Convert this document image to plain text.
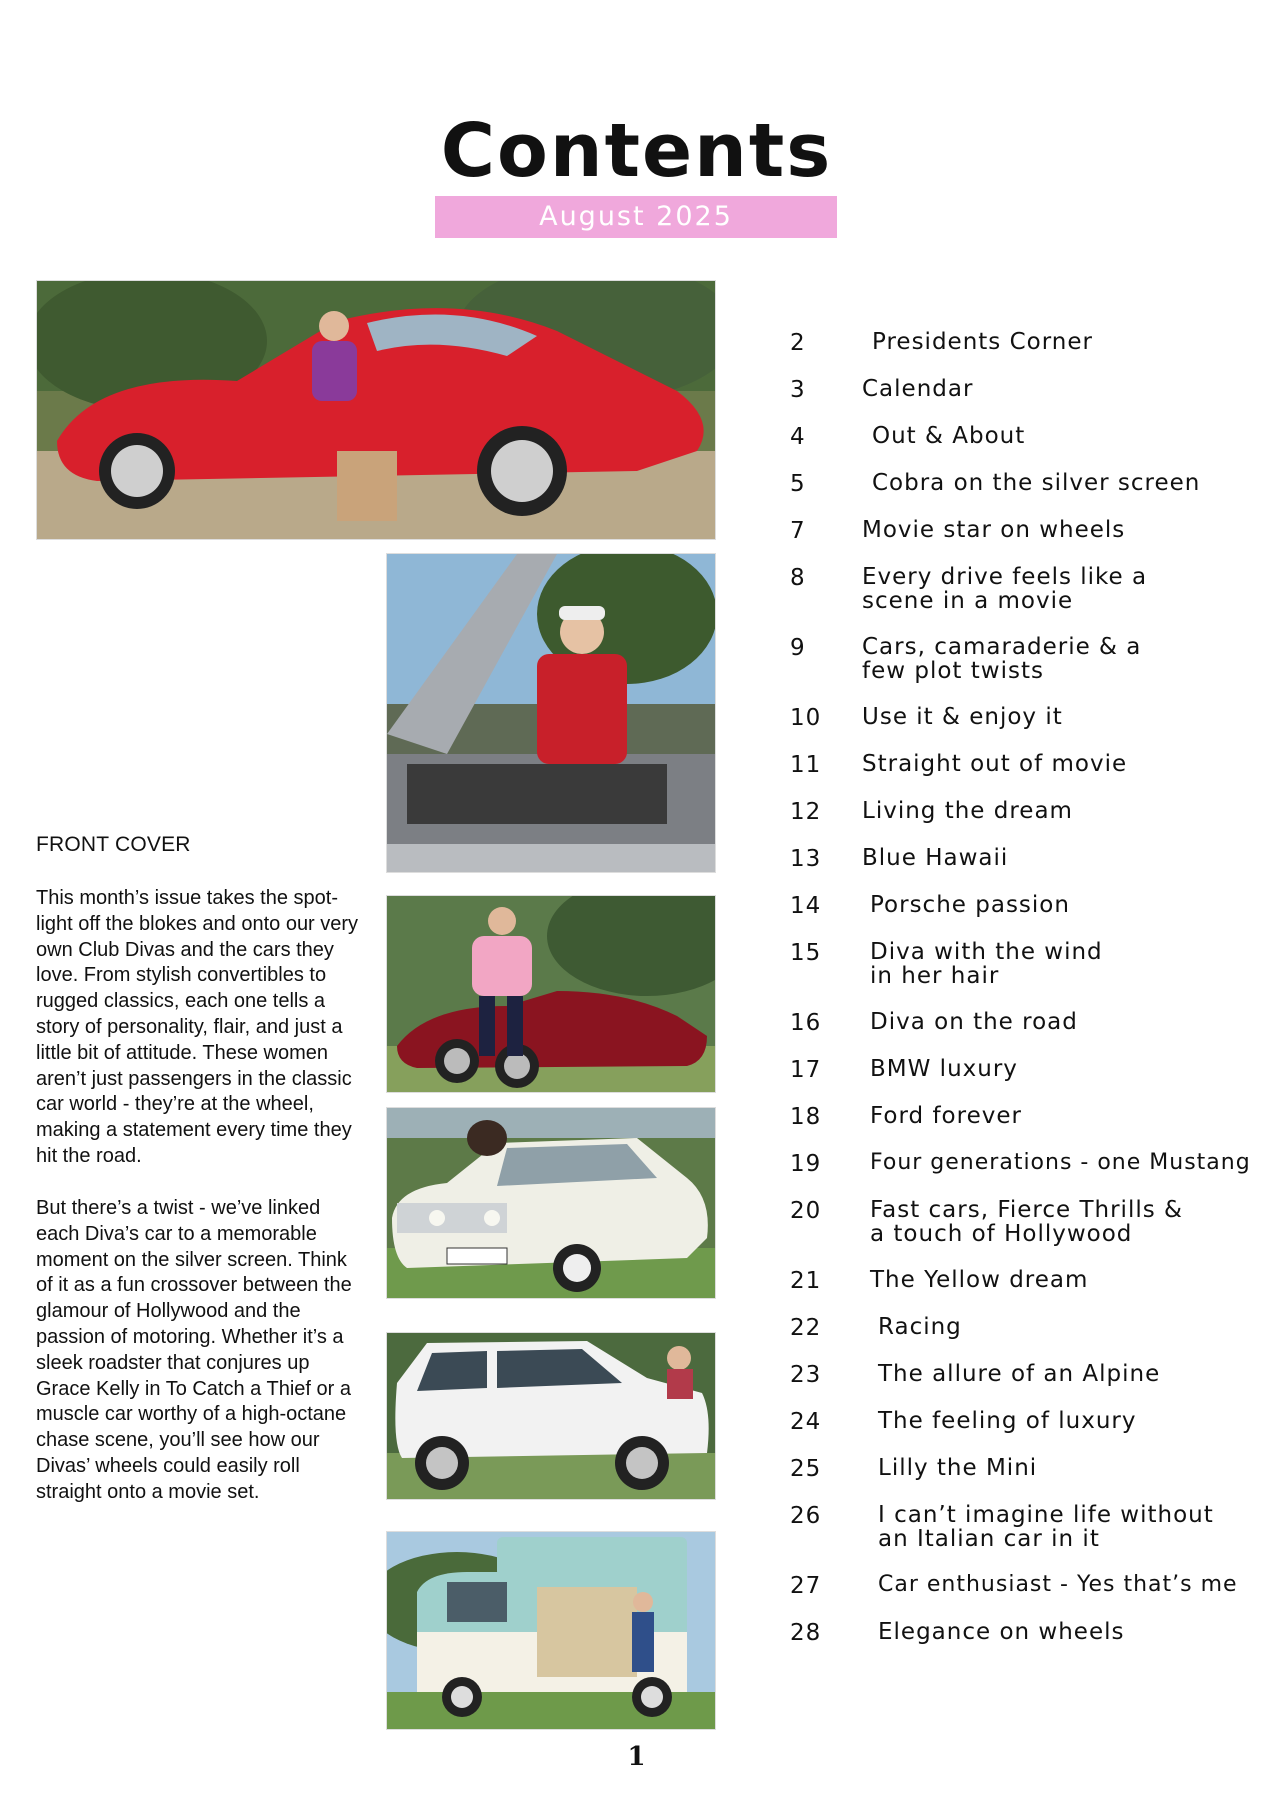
Contents
August 2025
FRONT COVER

This month’s issue takes the spot-light off the blokes and onto our very own Club Divas and the cars they love. From stylish convertibles to rugged classics, each one tells a story of personality, flair, and just a little bit of attitude. These women aren’t just passengers in the classic car world - they’re at the wheel, making a statement every time they hit the road.

But there’s a twist - we’ve linked each Diva’s car to a memorable moment on the silver screen. Think of it as a fun crossover between the glamour of Hollywood and the passion of motoring. Whether it’s a sleek roadster that conjures up Grace Kelly in To Catch a Thief or a muscle car worthy of a high-octane chase scene, you’ll see how our Divas’ wheels could easily roll straight onto a movie set.

2	Presidents Corner
3	Calendar
4	Out & About
5	Cobra on the silver screen
7	Movie star on wheels
8	Every drive feels like a scene in a movie
9	Cars, camaraderie & a few plot twists
10	Use it & enjoy it
11	Straight out of movie
12	Living the dream
13	Blue Hawaii
14	Porsche passion
15	Diva with the wind in her hair
16	Diva on the road
17	BMW luxury
18	Ford forever
19	Four generations - one Mustang
20	Fast cars, Fierce Thrills & a touch of Hollywood
21	The Yellow dream
22	Racing
23	The allure of an Alpine
24	The feeling of luxury
25	Lilly the Mini
26	I can’t imagine life without an Italian car in it
27	Car enthusiast - Yes that’s me
28	Elegance on wheels
1
